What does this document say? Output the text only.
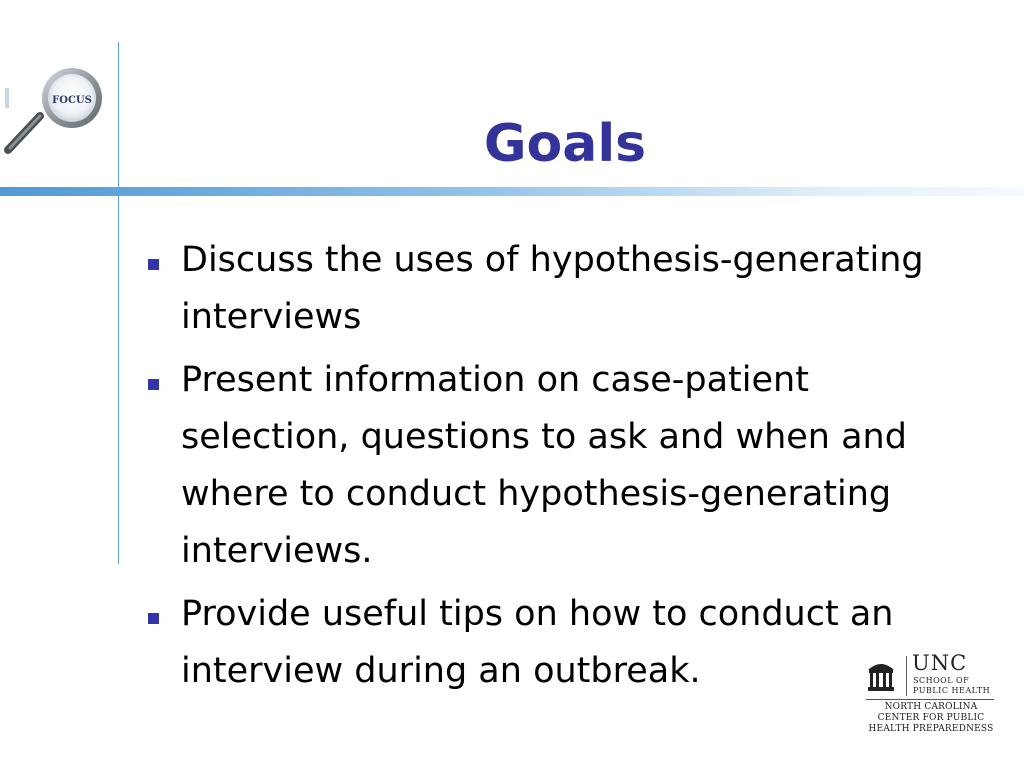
FOCUS
Goals
Discuss the uses of hypothesis-generating interviews
Present information on case-patient selection, questions to ask and when and where to conduct hypothesis-generating interviews.
Provide useful tips on how to conduct an interview during an outbreak.	UNC

SCHOOL OF
PUBLIC HEALTH

NORTH CAROLINA
CENTER FOR PUBLIC
HEALTH PREPAREDNESS
